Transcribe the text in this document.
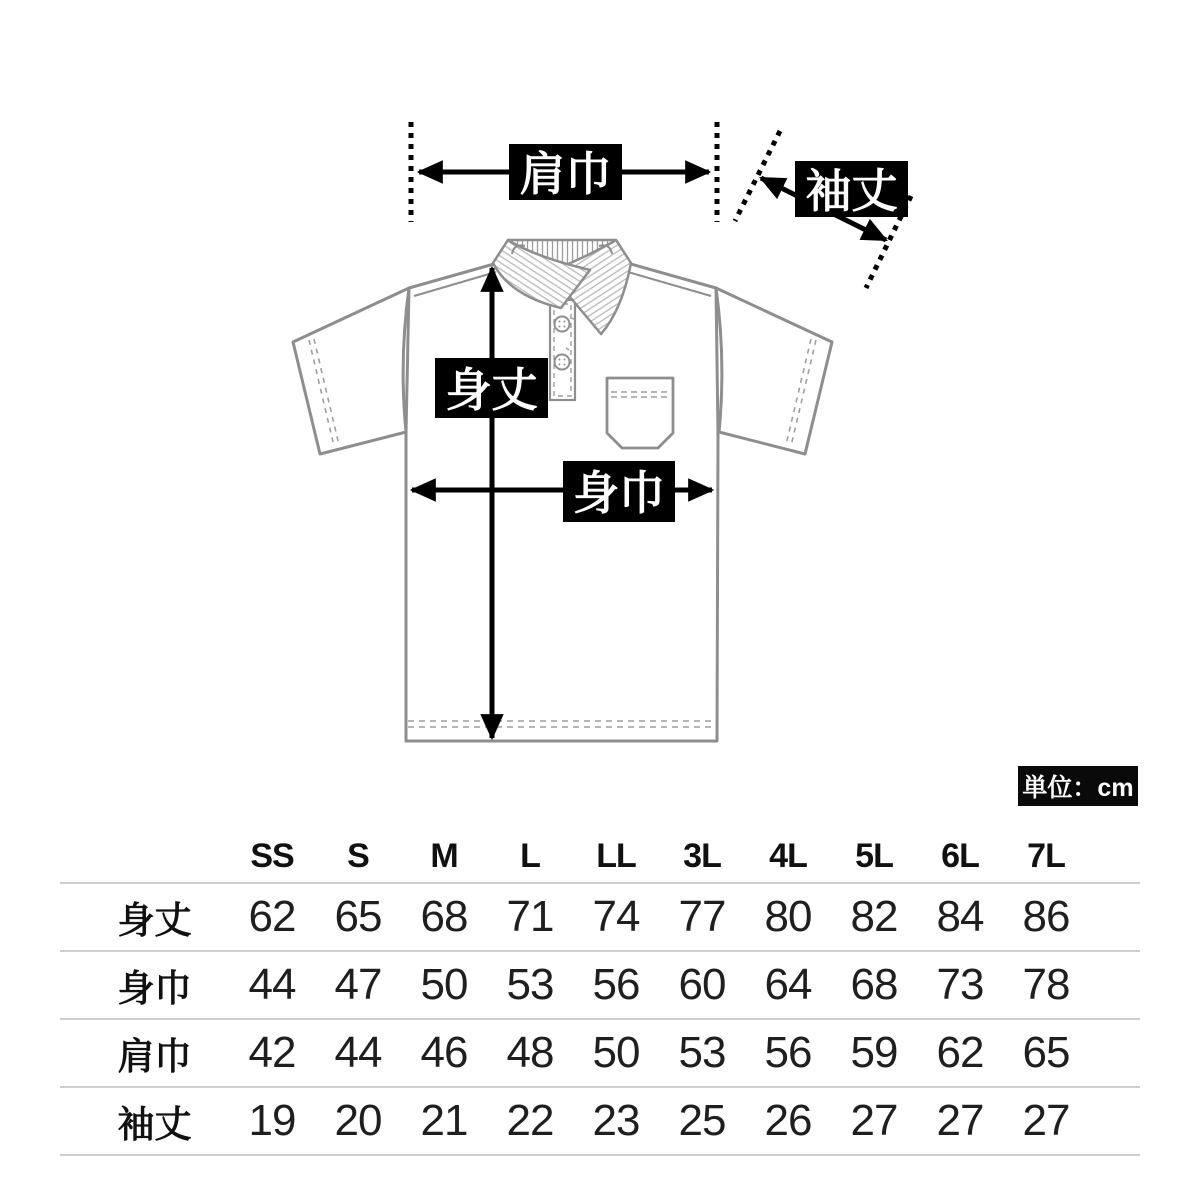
肩巾	袖丈
身丈
身巾
単位：cm
	SS	S	M	L	LL	3L	4L	5L	6L	7L	
身丈	62	65	68	71	74	77	80	82	84	86	
身巾	44	47	50	53	56	60	64	68	73	78	
肩巾	42	44	46	48	50	53	56	59	62	65	
袖丈	19	20	21	22	23	25	26	27	27	27	
